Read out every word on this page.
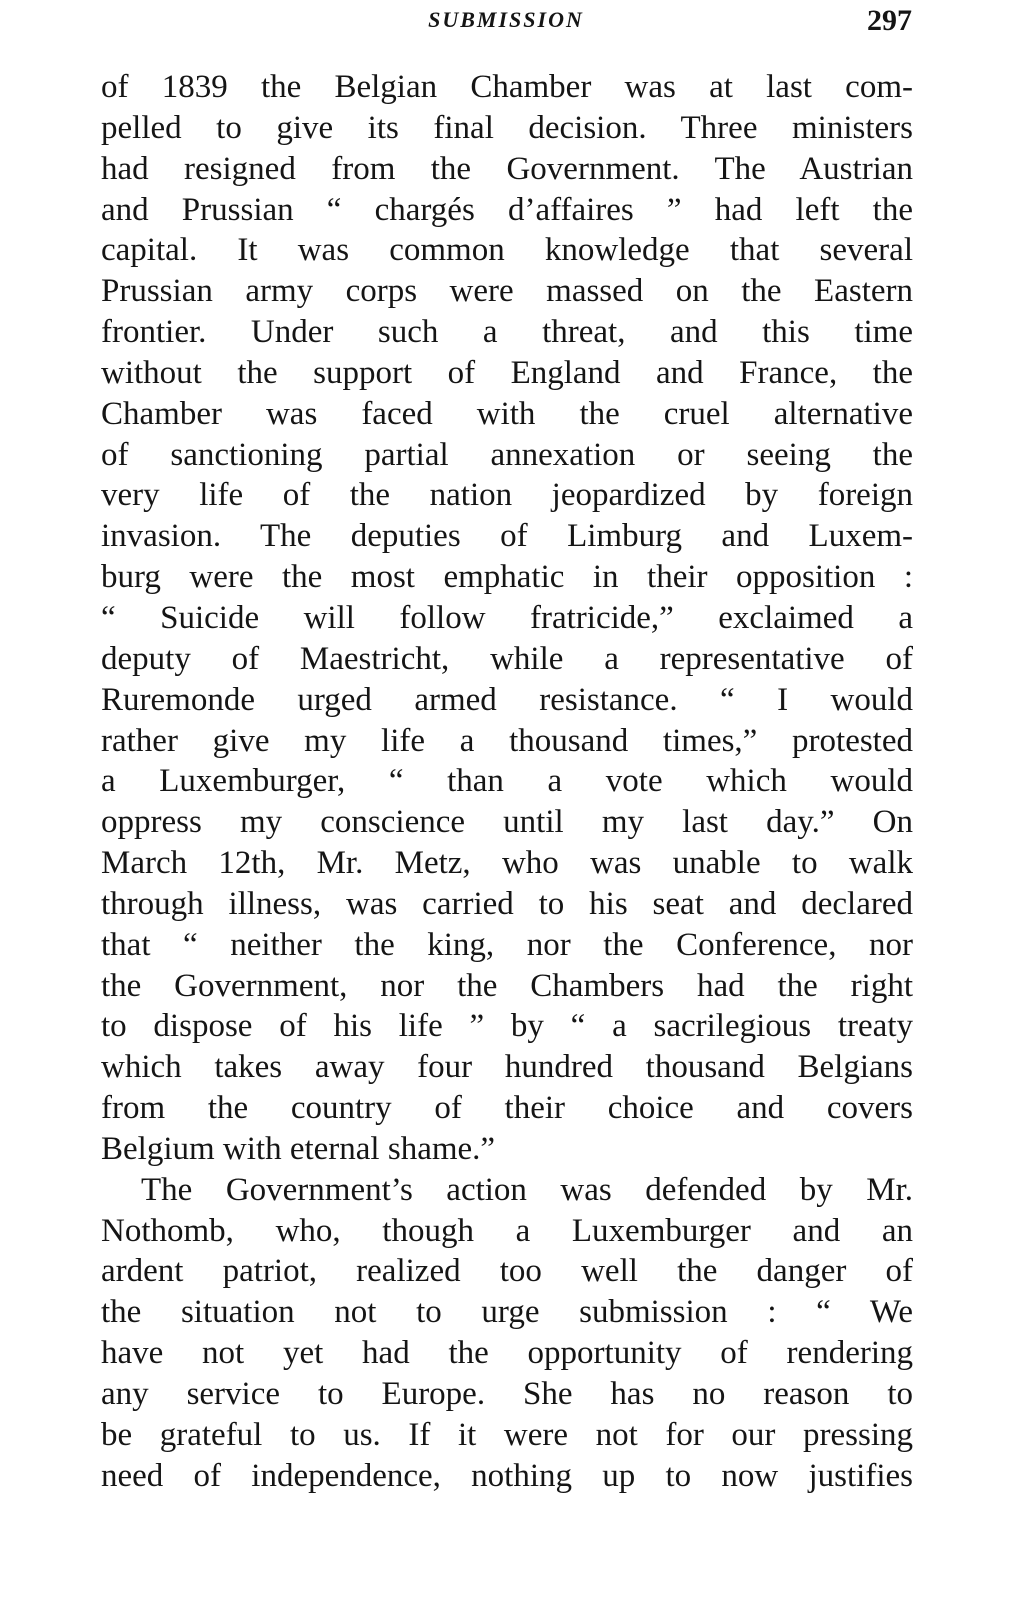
SUBMISSION	297
of 1839 the Belgian Chamber was at last com-
pelled to give its final decision. Three ministers
had resigned from the Government. The Austrian
and Prussian “ chargés d’affaires ” had left the
capital. It was common knowledge that several
Prussian army corps were massed on the Eastern
frontier. Under such a threat, and this time
without the support of England and France, the
Chamber was faced with the cruel alternative
of sanctioning partial annexation or seeing the
very life of the nation jeopardized by foreign
invasion. The deputies of Limburg and Luxem-
burg were the most emphatic in their opposition :
“ Suicide will follow fratricide,” exclaimed a
deputy of Maestricht, while a representative of
Ruremonde urged armed resistance. “ I would
rather give my life a thousand times,” protested
a Luxemburger, “ than a vote which would
oppress my conscience until my last day.” On
March 12th, Mr. Metz, who was unable to walk
through illness, was carried to his seat and declared
that “ neither the king, nor the Conference, nor
the Government, nor the Chambers had the right
to dispose of his life ” by “ a sacrilegious treaty
which takes away four hundred thousand Belgians
from the country of their choice and covers
Belgium with eternal shame.”
The Government’s action was defended by Mr.
Nothomb, who, though a Luxemburger and an
ardent patriot, realized too well the danger of
the situation not to urge submission : “ We
have not yet had the opportunity of rendering
any service to Europe. She has no reason to
be grateful to us. If it were not for our pressing
need of independence, nothing up to now justifies
